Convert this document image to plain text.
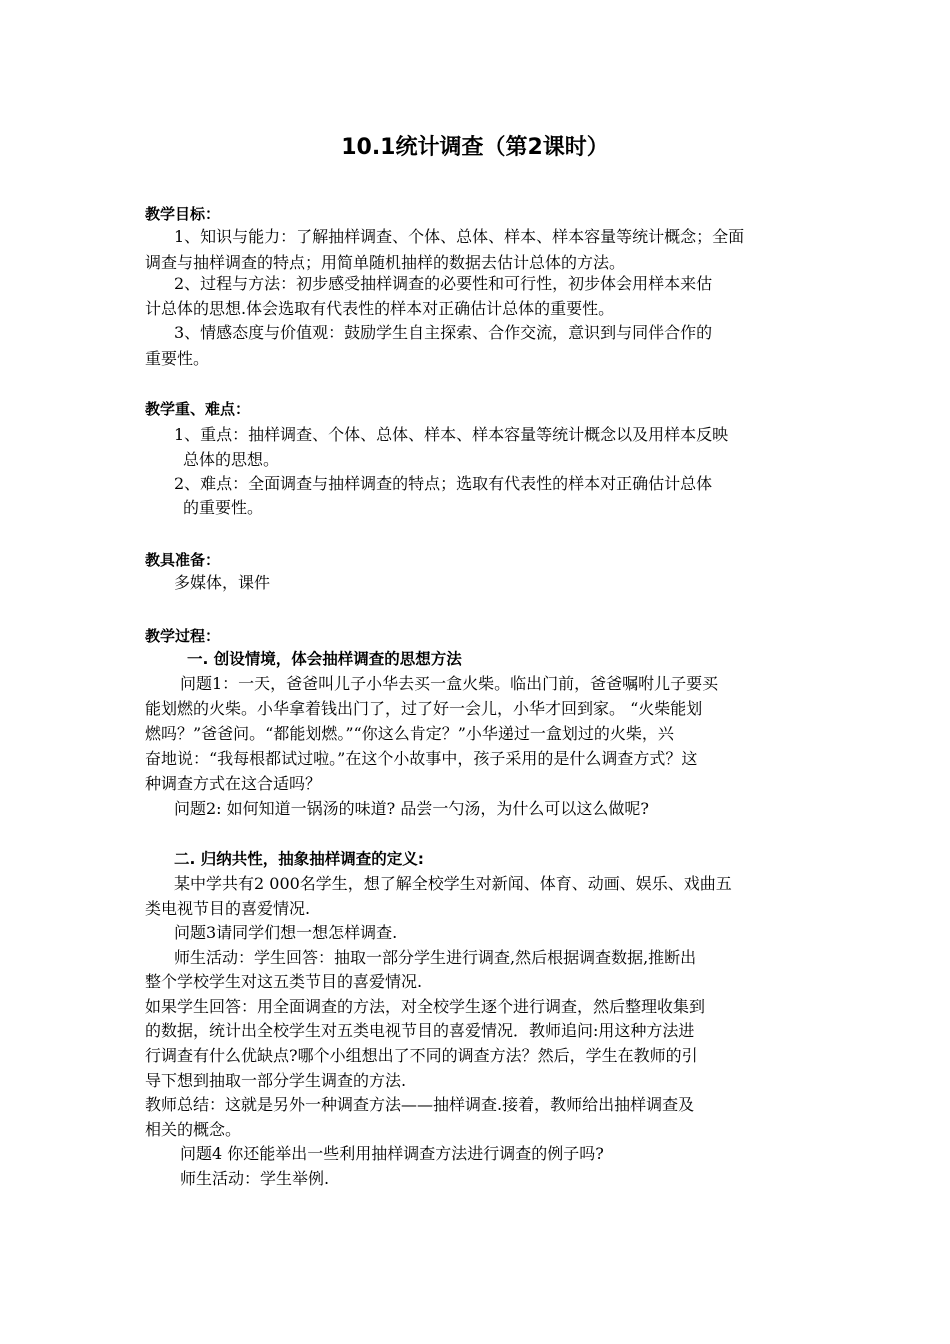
10.1统计调查（第2课时）
教学目标：
1、知识与能力：了解抽样调查、个体、总体、样本、样本容量等统计概念；全面
调查与抽样调查的特点；用简单随机抽样的数据去估计总体的方法。
2、过程与方法：初步感受抽样调查的必要性和可行性，初步体会用样本来估
计总体的思想.体会选取有代表性的样本对正确估计总体的重要性。
3、情感态度与价值观：鼓励学生自主探索、合作交流，意识到与同伴合作的
重要性。
教学重、难点：
1、重点：抽样调查、个体、总体、样本、样本容量等统计概念以及用样本反映
总体的思想。
2、难点：全面调查与抽样调查的特点；选取有代表性的样本对正确估计总体
的重要性。
教具准备：
多媒体，课件
教学过程：
一. 创设情境，体会抽样调查的思想方法
问题1：一天，爸爸叫儿子小华去买一盒火柴。临出门前，爸爸嘱咐儿子要买
能划燃的火柴。小华拿着钱出门了，过了好一会儿，小华才回到家。 “火柴能划
燃吗？”爸爸问。“都能划燃。”“你这么肯定？”小华递过一盒划过的火柴，兴
奋地说：“我每根都试过啦。”在这个小故事中，孩子采用的是什么调查方式？这
种调查方式在这合适吗？
问题2: 如何知道一锅汤的味道? 品尝一勺汤，为什么可以这么做呢?
二. 归纳共性，抽象抽样调查的定义:
某中学共有2 000名学生，想了解全校学生对新闻、体育、动画、娱乐、戏曲五
类电视节目的喜爱情况.
问题3请同学们想一想怎样调查.
师生活动：学生回答：抽取一部分学生进行调查,然后根据调查数据,推断出
整个学校学生对这五类节目的喜爱情况.
如果学生回答：用全面调查的方法，对全校学生逐个进行调查，然后整理收集到
的数据，统计出全校学生对五类电视节目的喜爱情况．教师追问:用这种方法进
行调查有什么优缺点?哪个小组想出了不同的调查方法？然后，学生在教师的引
导下想到抽取一部分学生调查的方法.
教师总结：这就是另外一种调查方法——抽样调查.接着，教师给出抽样调查及
相关的概念。
问题4 你还能举出一些利用抽样调查方法进行调查的例子吗?
师生活动：学生举例.
